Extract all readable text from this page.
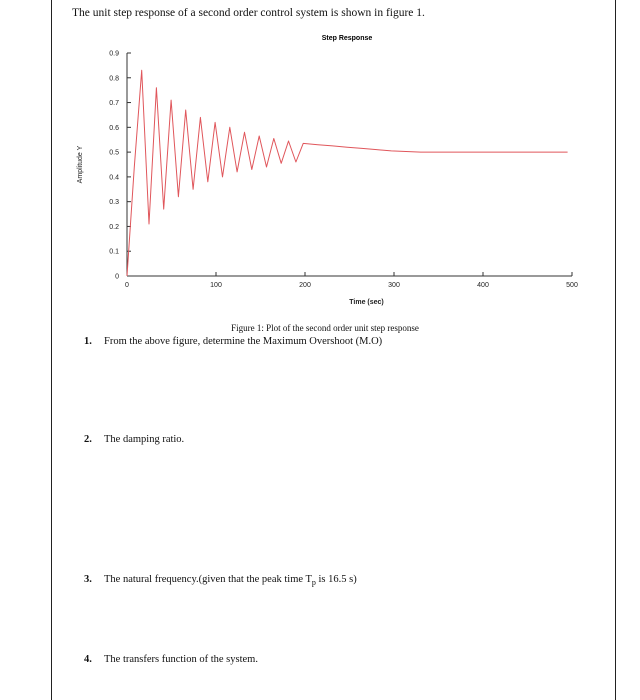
The unit step response of a second order control system is shown in figure 1.
Step Response
0
0.1
0.2
0.3
0.4
0.5
0.6
0.7
0.8
0.9
0	100	200	300	400	500
Amplitude Y
Time (sec)
Figure 1: Plot of the second order unit step response
1. From the above figure, determine the Maximum Overshoot (M.O)
2. The damping ratio.
3. The natural frequency.(given that the peak time $T_p$ is 16.5 s)
4. The transfers function of the system.
